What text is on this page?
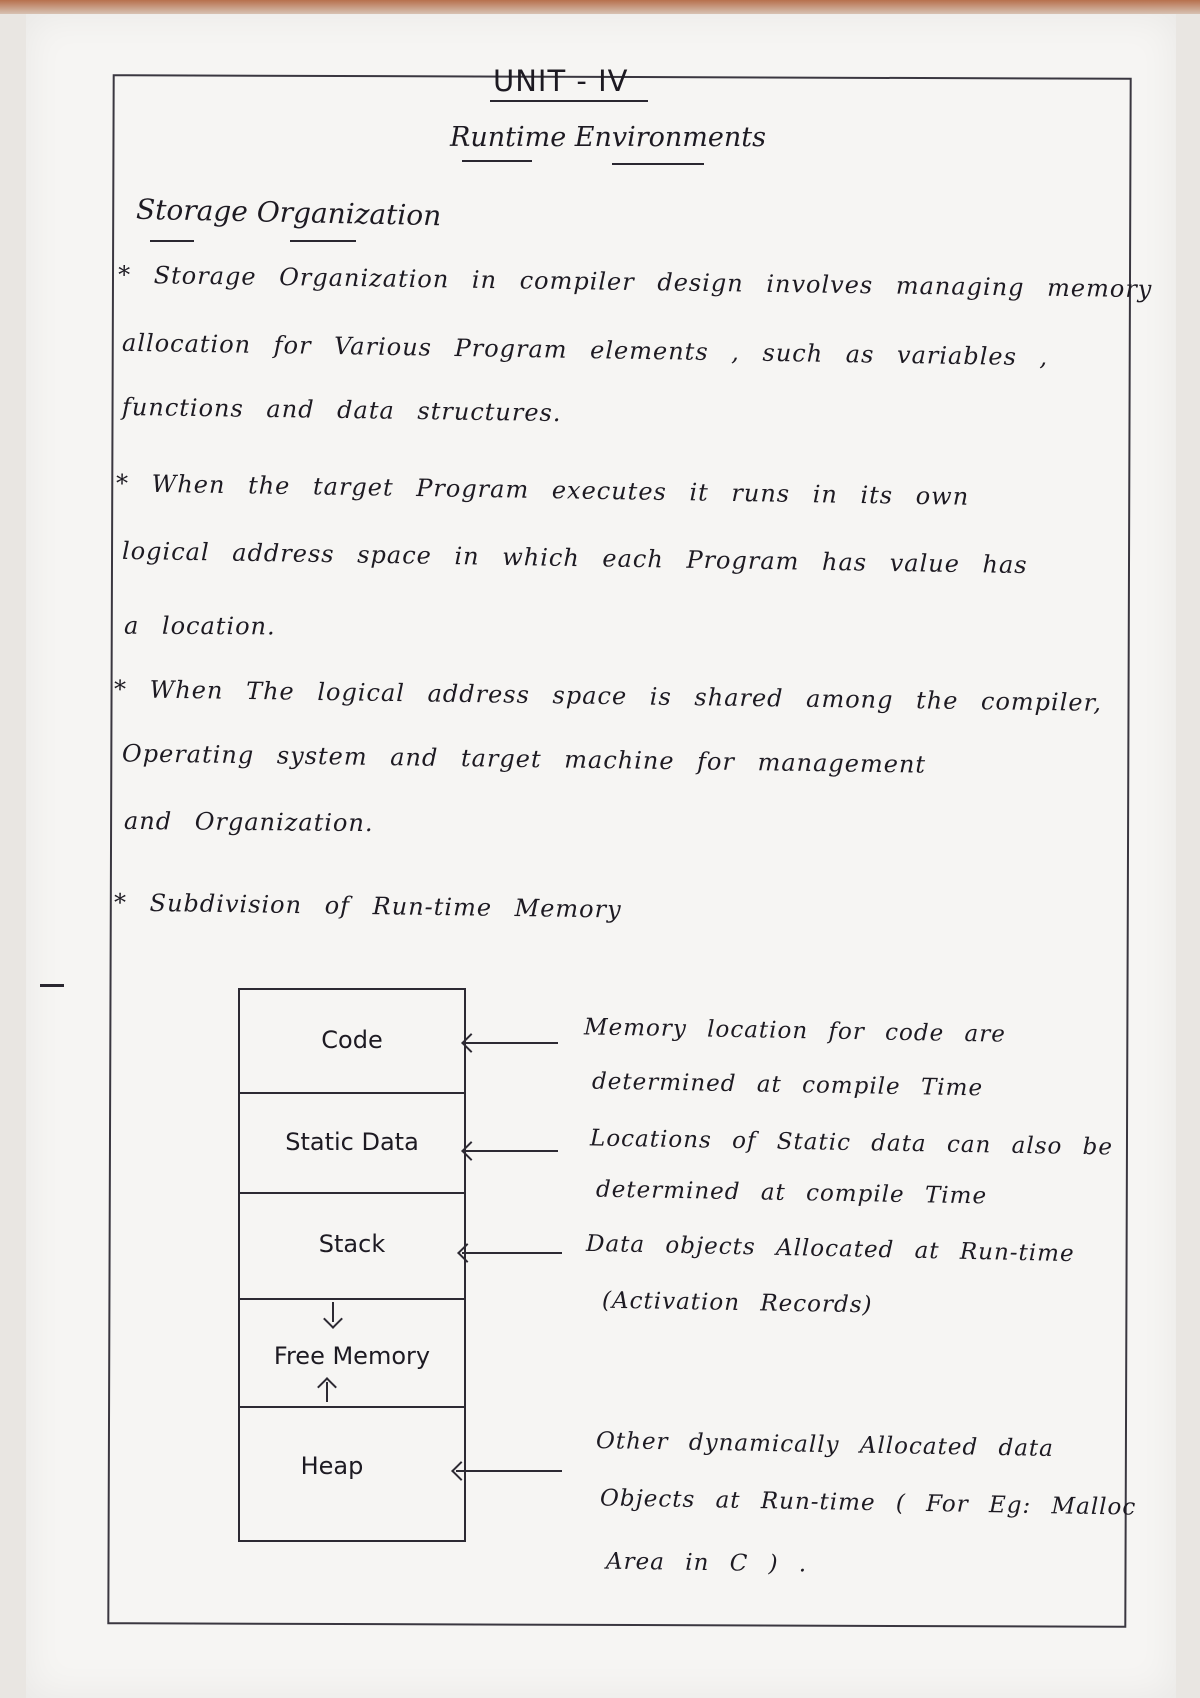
UNIT - IV
Runtime Environments
Storage Organization
* Storage Organization in compiler design involves managing memory
allocation for Various Program elements , such as variables ,
functions and data structures.
* When the target Program executes it runs in its own
logical address space in which each Program has value has
a location.
* When The logical address space is shared among the compiler,
Operating system and target machine for management
and Organization.
* Subdivision of Run-time Memory
Code
Static Data
Stack
Free Memory
Heap
Memory location for code are
determined at compile Time
Locations of Static data can also be
determined at compile Time
Data objects Allocated at Run-time
(Activation Records)
Other dynamically Allocated data
Objects at Run-time ( For Eg: Malloc
Area in C ) .
